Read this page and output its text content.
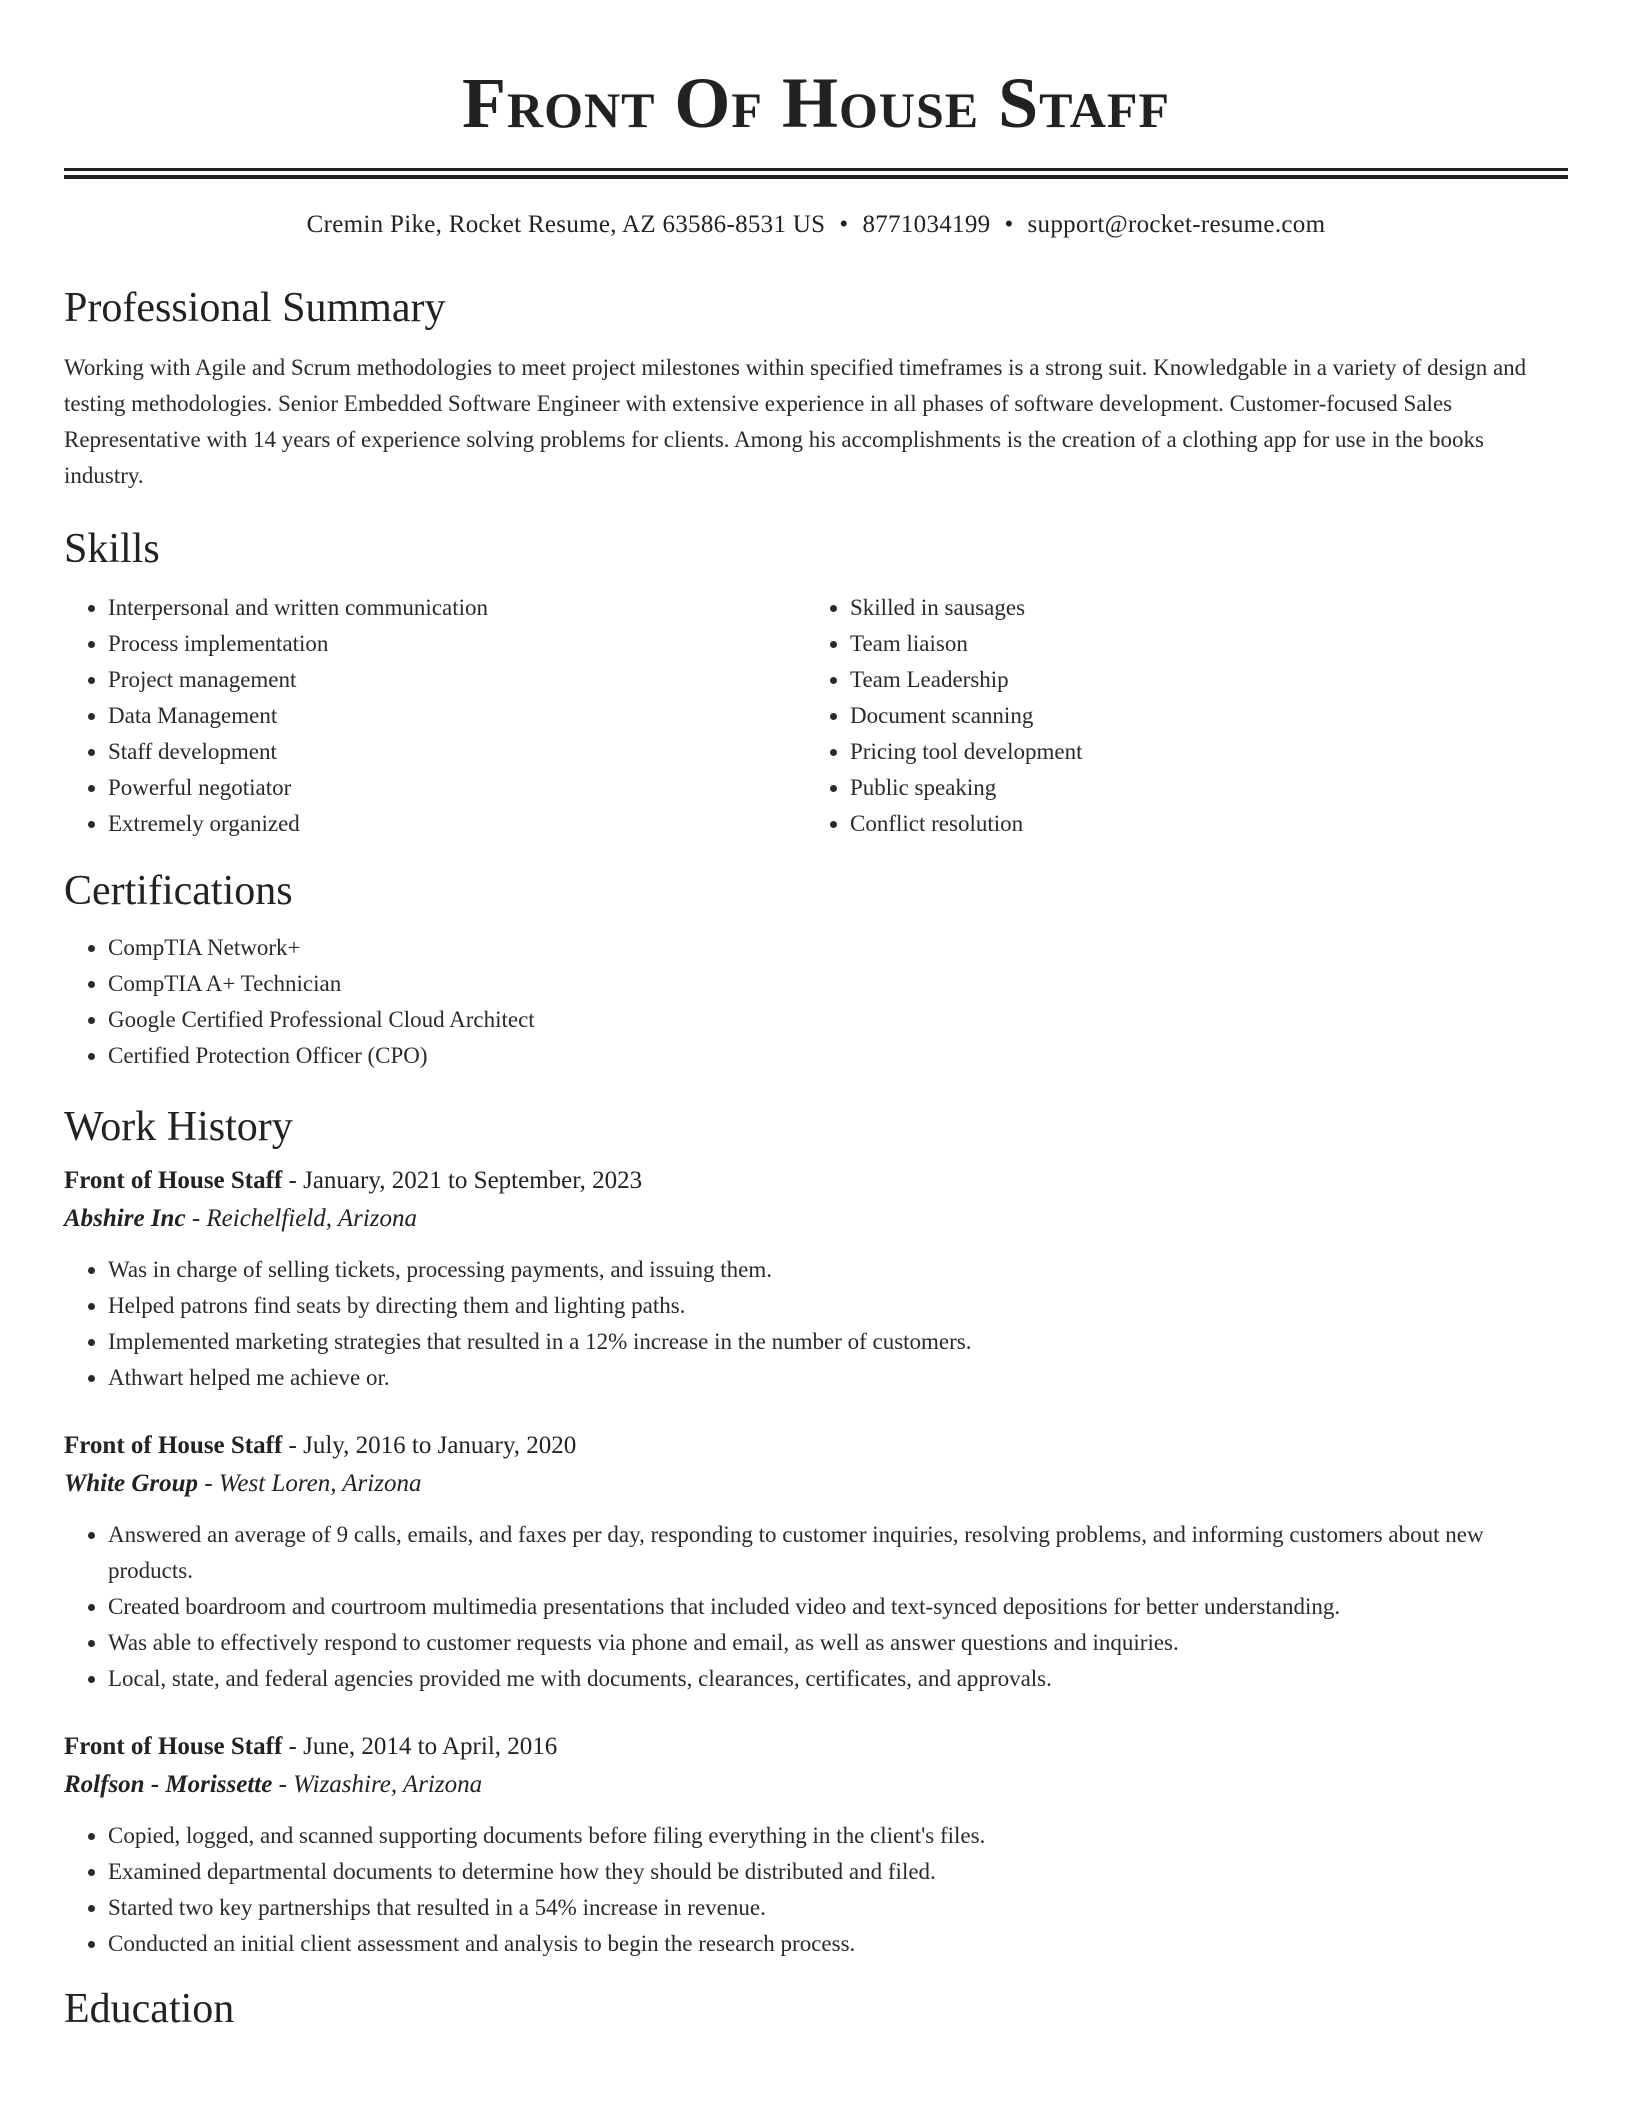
Front Of House Staff
Cremin Pike, Rocket Resume, AZ 63586-8531 US • 8771034199 • support@rocket-resume.com
Professional Summary
Working with Agile and Scrum methodologies to meet project milestones within specified timeframes is a strong suit. Knowledgable in a variety of design and testing methodologies. Senior Embedded Software Engineer with extensive experience in all phases of software development. Customer-focused Sales Representative with 14 years of experience solving problems for clients. Among his accomplishments is the creation of a clothing app for use in the books industry.
Skills
• Interpersonal and written communication
• Process implementation
• Project management
• Data Management
• Staff development
• Powerful negotiator
• Extremely organized
• Skilled in sausages
• Team liaison
• Team Leadership
• Document scanning
• Pricing tool development
• Public speaking
• Conflict resolution
Certifications
• CompTIA Network+
• CompTIA A+ Technician
• Google Certified Professional Cloud Architect
• Certified Protection Officer (CPO)
Work History
Front of House Staff - January, 2021 to September, 2023
Abshire Inc - Reichelfield, Arizona
• Was in charge of selling tickets, processing payments, and issuing them.
• Helped patrons find seats by directing them and lighting paths.
• Implemented marketing strategies that resulted in a 12% increase in the number of customers.
• Athwart helped me achieve or.
Front of House Staff - July, 2016 to January, 2020
White Group - West Loren, Arizona
• Answered an average of 9 calls, emails, and faxes per day, responding to customer inquiries, resolving problems, and informing customers about new products.
• Created boardroom and courtroom multimedia presentations that included video and text-synced depositions for better understanding.
• Was able to effectively respond to customer requests via phone and email, as well as answer questions and inquiries.
• Local, state, and federal agencies provided me with documents, clearances, certificates, and approvals.
Front of House Staff - June, 2014 to April, 2016
Rolfson - Morissette - Wizashire, Arizona
• Copied, logged, and scanned supporting documents before filing everything in the client's files.
• Examined departmental documents to determine how they should be distributed and filed.
• Started two key partnerships that resulted in a 54% increase in revenue.
• Conducted an initial client assessment and analysis to begin the research process.
Education
